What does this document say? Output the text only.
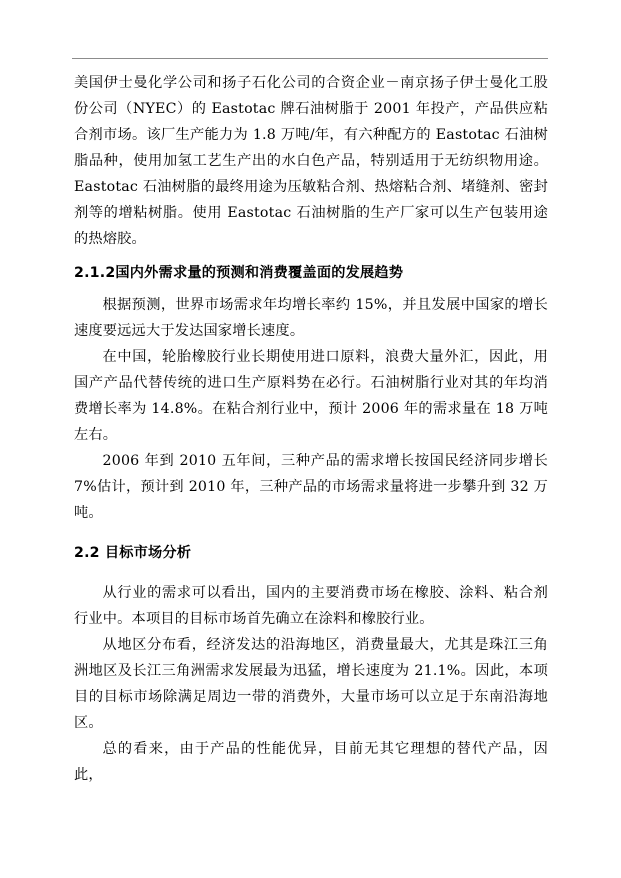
美国伊士曼化学公司和扬子石化公司的合资企业－南京扬子伊士曼化工股份公司（NYEC）的 Eastotac 牌石油树脂于 2001 年投产，产品供应粘合剂市场。该厂生产能力为 1.8 万吨/年，有六种配方的 Eastotac 石油树脂品种，使用加氢工艺生产出的水白色产品，特别适用于无纺织物用途。Eastotac 石油树脂的最终用途为压敏粘合剂、热熔粘合剂、堵缝剂、密封剂等的增粘树脂。使用 Eastotac 石油树脂的生产厂家可以生产包装用途的热熔胶。

2.1.2国内外需求量的预测和消费覆盖面的发展趋势

根据预测，世界市场需求年均增长率约 15%，并且发展中国家的增长速度要远远大于发达国家增长速度。

在中国，轮胎橡胶行业长期使用进口原料，浪费大量外汇，因此，用国产产品代替传统的进口生产原料势在必行。石油树脂行业对其的年均消费增长率为 14.8%。在粘合剂行业中，预计 2006 年的需求量在 18 万吨左右。

2006 年到 2010 五年间，三种产品的需求增长按国民经济同步增长 7%估计，预计到 2010 年，三种产品的市场需求量将进一步攀升到 32 万吨。

2.2 目标市场分析

从行业的需求可以看出，国内的主要消费市场在橡胶、涂料、粘合剂行业中。本项目的目标市场首先确立在涂料和橡胶行业。

从地区分布看，经济发达的沿海地区，消费量最大，尤其是珠江三角洲地区及长江三角洲需求发展最为迅猛，增长速度为 21.1%。因此，本项目的目标市场除满足周边一带的消费外，大量市场可以立足于东南沿海地区。

总的看来，由于产品的性能优异，目前无其它理想的替代产品，因此，
